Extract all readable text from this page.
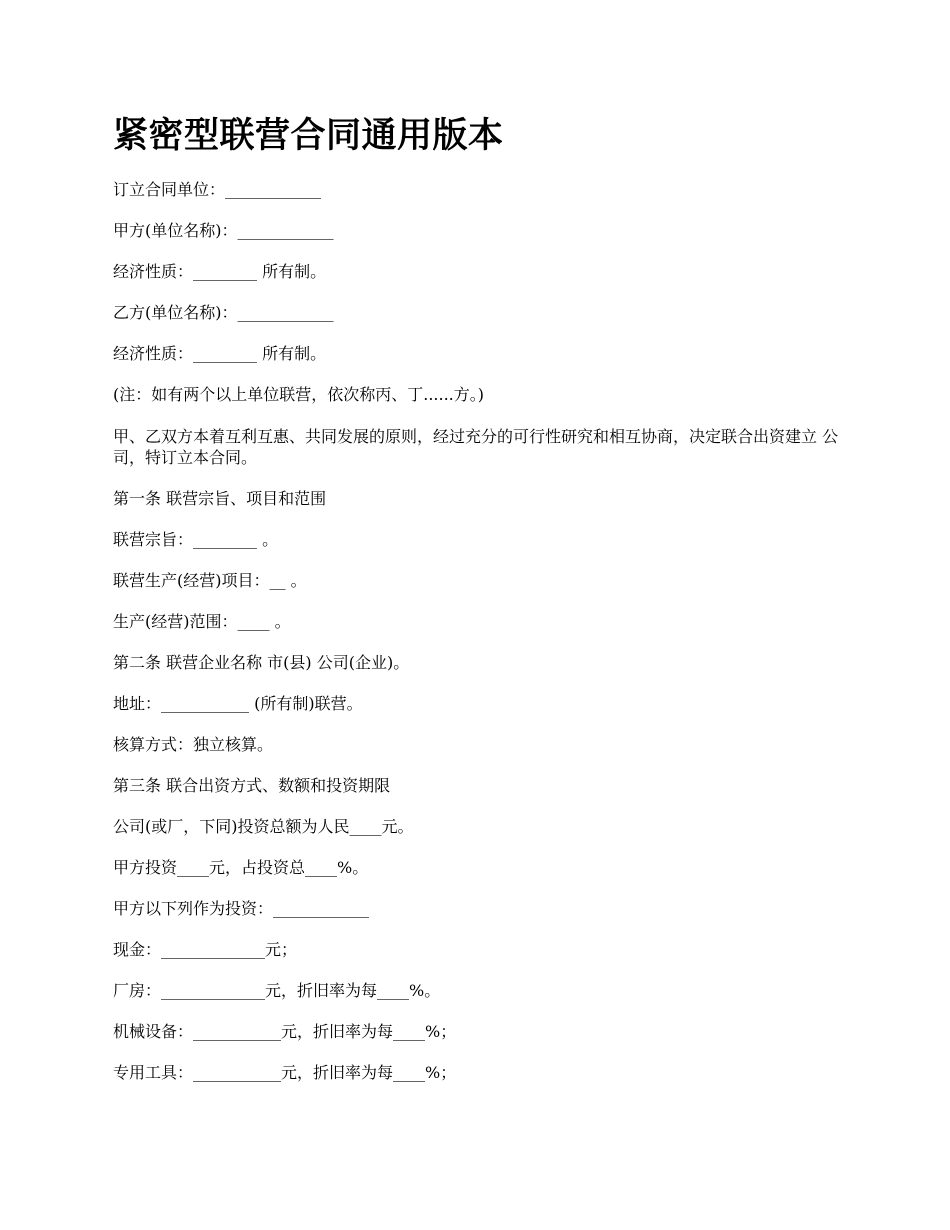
紧密型联营合同通用版本

订立合同单位：____________

甲方(单位名称)：____________

经济性质：________ 所有制。

乙方(单位名称)：____________

经济性质：________ 所有制。

(注：如有两个以上单位联营，依次称丙、丁......方。)

甲、乙双方本着互利互惠、共同发展的原则，经过充分的可行性研究和相互协商，决定联合出资建立 公司，特订立本合同。

第一条 联营宗旨、项目和范围

联营宗旨：________ 。

联营生产(经营)项目：__ 。

生产(经营)范围：____ 。

第二条 联营企业名称 市(县) 公司(企业)。

地址：___________ (所有制)联营。

核算方式：独立核算。

第三条 联合出资方式、数额和投资期限

公司(或厂，下同)投资总额为人民____元。

甲方投资____元，占投资总____%。

甲方以下列作为投资：____________

现金：_____________元；

厂房：_____________元，折旧率为每____%。

机械设备：___________元，折旧率为每____%；

专用工具：___________元，折旧率为每____%；
